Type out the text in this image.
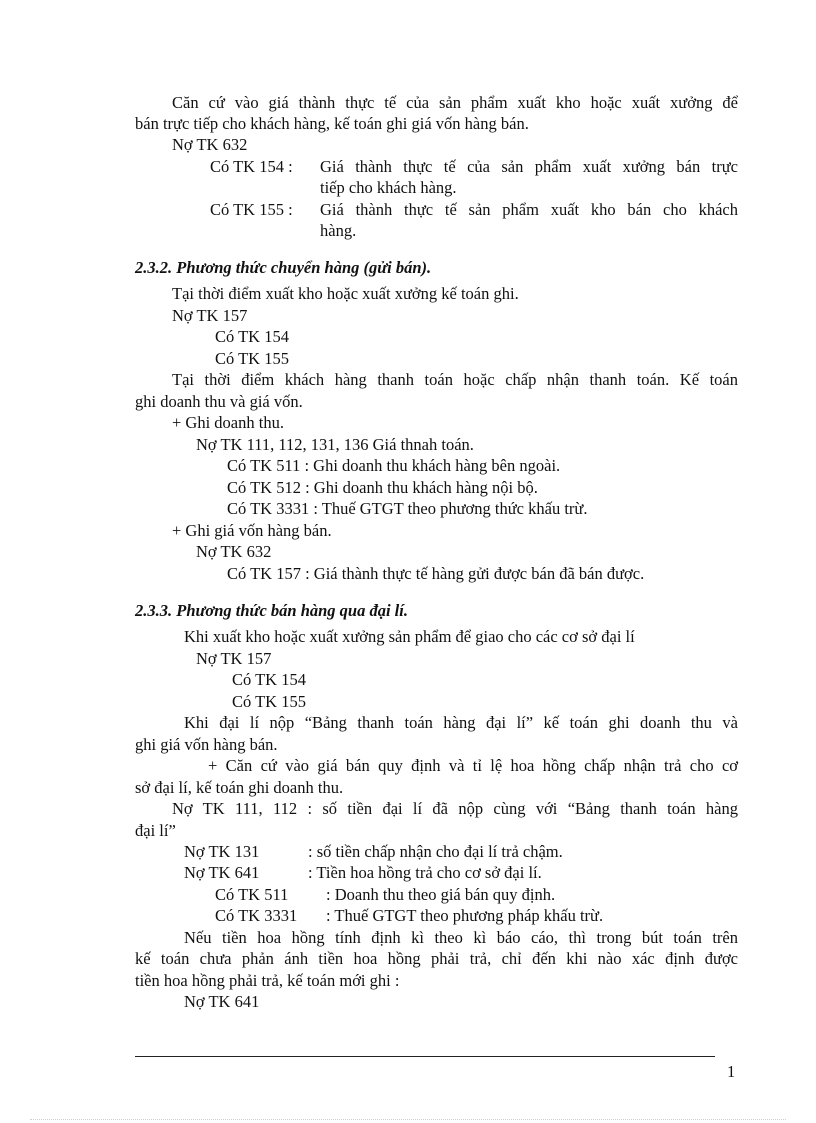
Căn cứ vào giá thành thực tế của sản phẩm xuất kho hoặc xuất xưởng để
bán trực tiếp cho khách hàng, kế toán ghi giá vốn hàng bán.
Nợ TK 632
Có TK 154 : Giá thành thực tế của sản phẩm xuất xưởng bán trực
tiếp cho khách hàng.
Có TK 155 : Giá thành thực tế sản phẩm xuất kho bán cho khách
hàng.
2.3.2. Phương thức chuyển hàng (gửi bán).
Tại thời điểm xuất kho hoặc xuất xưởng kế toán ghi.
Nợ TK 157
Có TK 154
Có TK 155
Tại thời điểm khách hàng thanh toán hoặc chấp nhận thanh toán. Kế toán
ghi doanh thu và giá vốn.
+ Ghi doanh thu.
Nợ TK 111, 112, 131, 136 Giá thnah toán.
Có TK 511 : Ghi doanh thu khách hàng bên ngoài.
Có TK 512 : Ghi doanh thu khách hàng nội bộ.
Có TK 3331 : Thuế GTGT theo phương thức khấu trừ.
+ Ghi giá vốn hàng bán.
Nợ TK 632
Có TK 157 : Giá thành thực tế hàng gửi được bán đã bán được.
2.3.3. Phương thức bán hàng qua đại lí.
Khi xuất kho hoặc xuất xưởng sản phẩm để giao cho các cơ sở đại lí
Nợ TK 157
Có TK 154
Có TK 155
Khi đại lí nộp “Bảng thanh toán hàng đại lí” kế toán ghi doanh thu và
ghi giá vốn hàng bán.
+ Căn cứ vào giá bán quy định và tỉ lệ hoa hồng chấp nhận trả cho cơ
sở đại lí, kế toán ghi doanh thu.
Nợ TK 111, 112 : số tiền đại lí đã nộp cùng với “Bảng thanh toán hàng
đại lí”
Nợ TK 131	: số tiền chấp nhận cho đại lí trả chậm.
Nợ TK 641	: Tiền hoa hồng trả cho cơ sở đại lí.
Có TK 511 : Doanh thu theo giá bán quy định.
Có TK 3331 : Thuế GTGT theo phương pháp khấu trừ.
Nếu tiền hoa hồng tính định kì theo kì báo cáo, thì trong bút toán trên
kế toán chưa phản ánh tiền hoa hồng phải trả, chỉ đến khi nào xác định được
tiền hoa hồng phải trả, kế toán mới ghi :
Nợ TK 641
1
